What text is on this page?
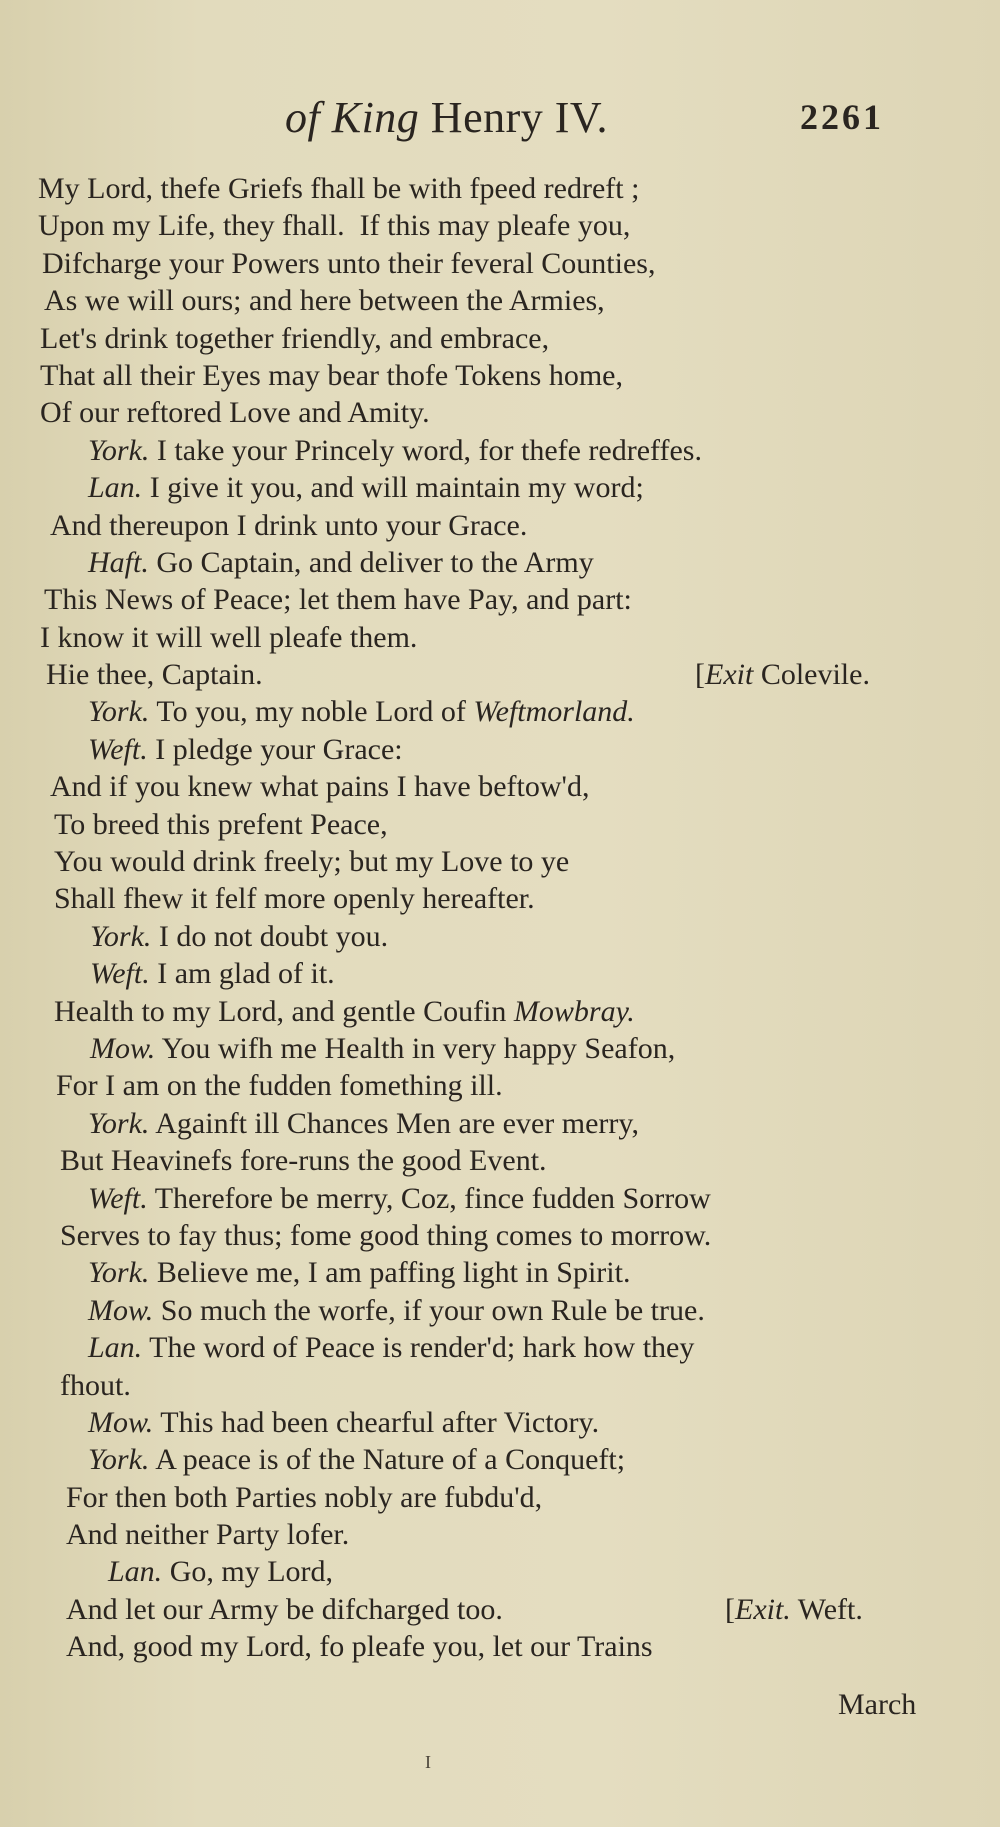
of King Henry IV.	2261
My Lord, thefe Griefs fhall be with fpeed redreft ;
Upon my Life, they fhall.  If this may pleafe you,
Difcharge your Powers unto their feveral Counties,
As we will ours; and here between the Armies,
Let's drink together friendly, and embrace,
That all their Eyes may bear thofe Tokens home,
Of our reftored Love and Amity.
York. I take your Princely word, for thefe redreffes.
Lan. I give it you, and will maintain my word;
And thereupon I drink unto your Grace.
Haft. Go Captain, and deliver to the Army
This News of Peace; let them have Pay, and part:
I know it will well pleafe them.
Hie thee, Captain.	[Exit Colevile.
York. To you, my noble Lord of Weftmorland.
Weft. I pledge your Grace:
And if you knew what pains I have beftow'd,
To breed this prefent Peace,
You would drink freely; but my Love to ye
Shall fhew it felf more openly hereafter.
York. I do not doubt you.
Weft. I am glad of it.
Health to my Lord, and gentle Coufin Mowbray.
Mow. You wifh me Health in very happy Seafon,
For I am on the fudden fomething ill.
York. Againft ill Chances Men are ever merry,
But Heavinefs fore-runs the good Event.
Weft. Therefore be merry, Coz, fince fudden Sorrow
Serves to fay thus; fome good thing comes to morrow.
York. Believe me, I am paffing light in Spirit.
Mow. So much the worfe, if your own Rule be true.
Lan. The word of Peace is render'd; hark how they
fhout.
Mow. This had been chearful after Victory.
York. A peace is of the Nature of a Conqueft;
For then both Parties nobly are fubdu'd,
And neither Party lofer.
Lan. Go, my Lord,
And let our Army be difcharged too.	[Exit. Weft.
And, good my Lord, fo pleafe you, let our Trains
March
I
